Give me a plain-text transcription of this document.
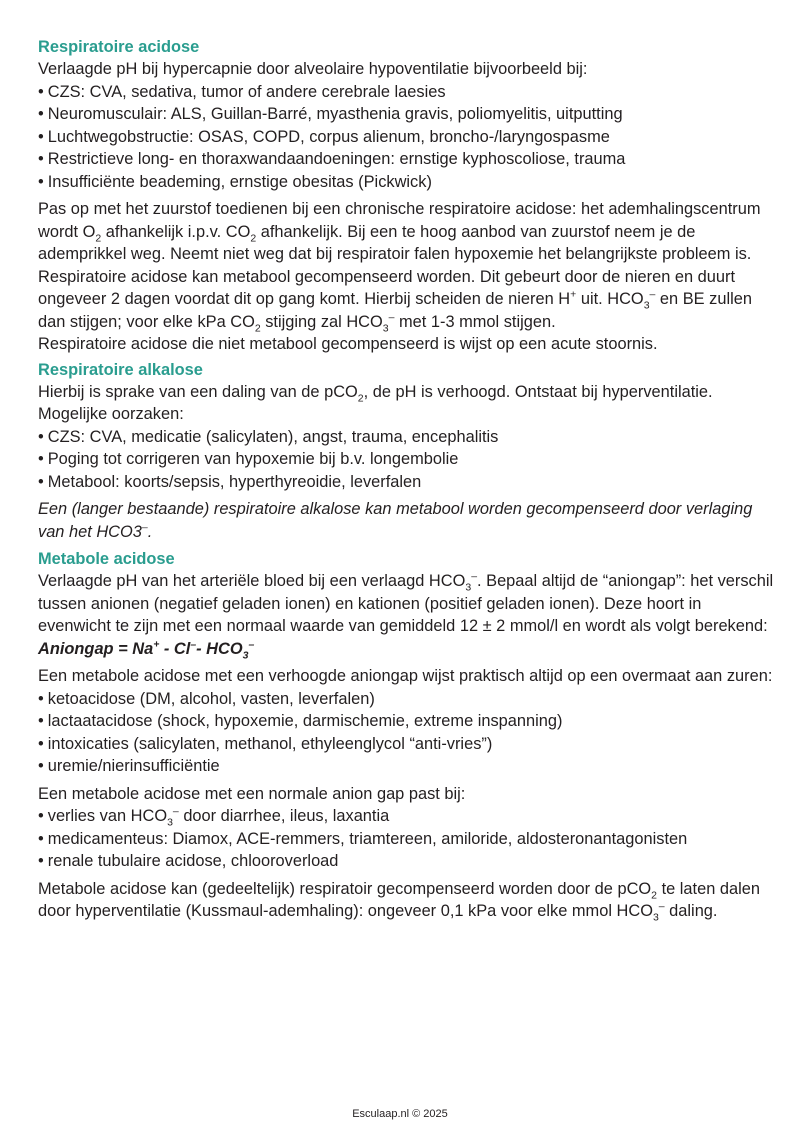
Respiratoire acidose

Verlaagde pH bij hypercapnie door alveolaire hypoventilatie bijvoorbeeld bij:

• CZS: CVA, sedativa, tumor of andere cerebrale laesies
• Neuromusculair: ALS, Guillan-Barré, myasthenia gravis, poliomyelitis, uitputting
• Luchtwegobstructie: OSAS, COPD, corpus alienum, broncho-/laryngospasme
• Restrictieve long- en thoraxwandaandoeningen: ernstige kyphoscoliose, trauma
• Insufficiënte beademing, ernstige obesitas (Pickwick)

Pas op met het zuurstof toedienen bij een chronische respiratoire acidose: het ademhalingscentrum wordt $O_2$ afhankelijk i.p.v. $CO_2$ afhankelijk. Bij een te hoog aanbod van zuurstof neem je de ademprikkel weg. Neemt niet weg dat bij respiratoir falen hypoxemie het belangrijkste probleem is.

Respiratoire acidose kan metabool gecompenseerd worden. Dit gebeurt door de nieren en duurt ongeveer 2 dagen voordat dit op gang komt. Hierbij scheiden de nieren H+ uit. $HCO_3^-$ en BE zullen dan stijgen; voor elke kPa $CO_2$ stijging zal $HCO_3^-$ met 1-3 mmol stijgen.

Respiratoire acidose die niet metabool gecompenseerd is wijst op een acute stoornis.

Respiratoire alkalose

Hierbij is sprake van een daling van de pCO$_2$, de pH is verhoogd. Ontstaat bij hyperventilatie. Mogelijke oorzaken:

• CZS: CVA, medicatie (salicylaten), angst, trauma, encephalitis
• Poging tot corrigeren van hypoxemie bij b.v. longembolie
• Metabool: koorts/sepsis, hyperthyreoidie, leverfalen

Een (langer bestaande) respiratoire alkalose kan metabool worden gecompenseerd door verlaging van het HCO3–.

Metabole acidose

Verlaagde pH van het arteriële bloed bij een verlaagd $HCO_3^-$. Bepaal altijd de “aniongap”: het verschil tussen anionen (negatief geladen ionen) en kationen (positief geladen ionen). Deze hoort in evenwicht te zijn met een normaal waarde van gemiddeld 12 ± 2 mmol/l en wordt als volgt berekend:

Aniongap = Na+ - Cl–- $HCO_3^-$

Een metabole acidose met een verhoogde aniongap wijst praktisch altijd op een overmaat aan zuren:

• ketoacidose (DM, alcohol, vasten, leverfalen)
• lactaatacidose (shock, hypoxemie, darmischemie, extreme inspanning)
• intoxicaties (salicylaten, methanol, ethyleenglycol “anti-vries”)
• uremie/nierinsufficiëntie

Een metabole acidose met een normale anion gap past bij:

• verlies van $HCO_3^-$ door diarrhee, ileus, laxantia
• medicamenteus: Diamox, ACE-remmers, triamtereen, amiloride, aldosteronantagonisten
• renale tubulaire acidose, chlooroverload

Metabole acidose kan (gedeeltelijk) respiratoir gecompenseerd worden door de pCO$_2$ te laten dalen door hyperventilatie (Kussmaul-ademhaling): ongeveer 0,1 kPa voor elke mmol $HCO_3^-$ daling.

Esculaap.nl © 2025
